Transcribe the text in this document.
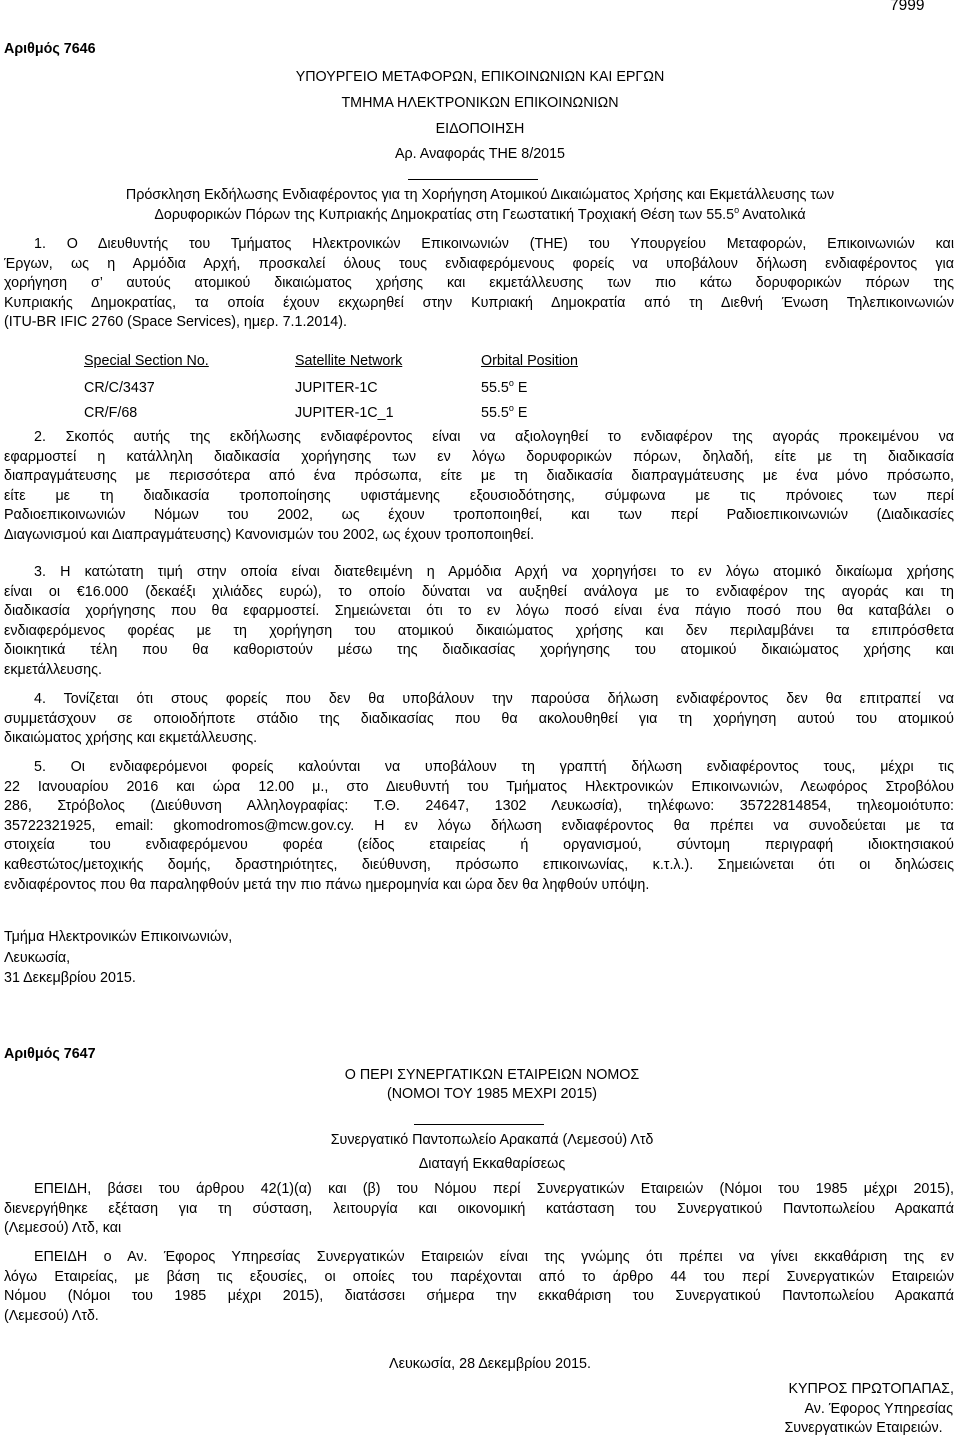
7999
Αριθμός 7646
ΥΠΟΥΡΓΕΙΟ ΜΕΤΑΦΟΡΩΝ, ΕΠΙΚΟΙΝΩΝΙΩΝ ΚΑΙ ΕΡΓΩΝ
ΤΜΗΜΑ ΗΛΕΚΤΡΟΝΙΚΩΝ ΕΠΙΚΟΙΝΩΝΙΩΝ
ΕΙΔΟΠΟΙΗΣΗ
Αρ. Αναφοράς ΤΗΕ 8/2015
Πρόσκληση Εκδήλωσης Ενδιαφέροντος για τη Χορήγηση Ατομικού Δικαιώματος Χρήσης και Εκμετάλλευσης των
Δορυφορικών Πόρων της Κυπριακής Δημοκρατίας στη Γεωστατική Τροχιακή Θέση των $55.5^o$ Ανατολικά
1. Ο Διευθυντής του Τμήματος Ηλεκτρονικών Επικοινωνιών (ΤΗΕ) του Υπουργείου Μεταφορών, Επικοινωνιών και
Έργων, ως η Αρμόδια Αρχή, προσκαλεί όλους τους ενδιαφερόμενους φορείς να υποβάλουν δήλωση ενδιαφέροντος για
χορήγηση σ’ αυτούς ατομικού δικαιώματος χρήσης και εκμετάλλευσης των πιο κάτω δορυφορικών πόρων της
Κυπριακής Δημοκρατίας, τα οποία έχουν εκχωρηθεί στην Κυπριακή Δημοκρατία από τη Διεθνή Ένωση Τηλεπικοινωνιών
(ITU-BR IFIC 2760 (Space Services), ημερ. 7.1.2014).
Special Section No.	Satellite Network	Orbital Position
CR/C/3437	JUPITER-1C	$55.5^o$ E
CR/F/68	JUPITER-1C_1	$55.5^o$ E
2. Σκοπός αυτής της εκδήλωσης ενδιαφέροντος είναι να αξιολογηθεί το ενδιαφέρον της αγοράς προκειμένου να
εφαρμοστεί η κατάλληλη διαδικασία χορήγησης των εν λόγω δορυφορικών πόρων, δηλαδή, είτε με τη διαδικασία
διαπραγμάτευσης με περισσότερα από ένα πρόσωπα, είτε με τη διαδικασία διαπραγμάτευσης με ένα μόνο πρόσωπο,
είτε με τη διαδικασία τροποποίησης υφιστάμενης εξουσιοδότησης, σύμφωνα με τις πρόνοιες των περί
Ραδιοεπικοινωνιών Νόμων του 2002, ως έχουν τροποποιηθεί, και των περί Ραδιοεπικοινωνιών (Διαδικασίες
Διαγωνισμού και Διαπραγμάτευσης) Κανονισμών του 2002, ως έχουν τροποποιηθεί.
3. Η κατώτατη τιμή στην οποία είναι διατεθειμένη η Αρμόδια Αρχή να χορηγήσει το εν λόγω ατομικό δικαίωμα χρήσης
είναι οι €16.000 (δεκαέξι χιλιάδες ευρώ), το οποίο δύναται να αυξηθεί ανάλογα με το ενδιαφέρον της αγοράς και τη
διαδικασία χορήγησης που θα εφαρμοστεί. Σημειώνεται ότι το εν λόγω ποσό είναι ένα πάγιο ποσό που θα καταβάλει ο
ενδιαφερόμενος φορέας με τη χορήγηση του ατομικού δικαιώματος χρήσης και δεν περιλαμβάνει τα επιπρόσθετα
διοικητικά τέλη που θα καθοριστούν μέσω της διαδικασίας χορήγησης του ατομικού δικαιώματος χρήσης και
εκμετάλλευσης.
4. Τονίζεται ότι στους φορείς που δεν θα υποβάλουν την παρούσα δήλωση ενδιαφέροντος δεν θα επιτραπεί να
συμμετάσχουν σε οποιοδήποτε στάδιο της διαδικασίας που θα ακολουθηθεί για τη χορήγηση αυτού του ατομικού
δικαιώματος χρήσης και εκμετάλλευσης.
5. Οι ενδιαφερόμενοι φορείς καλούνται να υποβάλουν τη γραπτή δήλωση ενδιαφέροντος τους, μέχρι τις
22 Ιανουαρίου 2016 και ώρα 12.00 μ., στο Διευθυντή του Τμήματος Ηλεκτρονικών Επικοινωνιών, Λεωφόρος Στροβόλου
286, Στρόβολος (Διεύθυνση Αλληλογραφίας: Τ.Θ. 24647, 1302 Λευκωσία), τηλέφωνο: 35722814854, τηλεομοιότυπο:
35722321925, email: gkomodromos@mcw.gov.cy. Η εν λόγω δήλωση ενδιαφέροντος θα πρέπει να συνοδεύεται με τα
στοιχεία του ενδιαφερόμενου φορέα (είδος εταιρείας ή οργανισμού, σύντομη περιγραφή ιδιοκτησιακού
καθεστώτος/μετοχικής δομής, δραστηριότητες, διεύθυνση, πρόσωπο επικοινωνίας, κ.τ.λ.). Σημειώνεται ότι οι δηλώσεις
ενδιαφέροντος που θα παραληφθούν μετά την πιο πάνω ημερομηνία και ώρα δεν θα ληφθούν υπόψη.
Τμήμα Ηλεκτρονικών Επικοινωνιών,
Λευκωσία,
31 Δεκεμβρίου 2015.
Αριθμός 7647
Ο ΠΕΡΙ ΣΥΝΕΡΓΑΤΙΚΩΝ ΕΤΑΙΡΕΙΩΝ ΝΟΜΟΣ
(ΝΟΜΟΙ ΤΟΥ 1985 ΜΕΧΡΙ 2015)
Συνεργατικό Παντοπωλείο Αρακαπά (Λεμεσού) Λτδ
Διαταγή Εκκαθαρίσεως
ΕΠΕΙΔΗ, βάσει του άρθρου 42(1)(α) και (β) του Νόμου περί Συνεργατικών Εταιρειών (Νόμοι του 1985 μέχρι 2015),
διενεργήθηκε εξέταση για τη σύσταση, λειτουργία και οικονομική κατάσταση του Συνεργατικού Παντοπωλείου Αρακαπά
(Λεμεσού) Λτδ, και
ΕΠΕΙΔΗ ο Αν. Έφορος Υπηρεσίας Συνεργατικών Εταιρειών είναι της γνώμης ότι πρέπει να γίνει εκκαθάριση της εν
λόγω Εταιρείας, με βάση τις εξουσίες, οι οποίες του παρέχονται από το άρθρο 44 του περί Συνεργατικών Εταιρειών
Νόμου (Νόμοι του 1985 μέχρι 2015), διατάσσει σήμερα την εκκαθάριση του Συνεργατικού Παντοπωλείου Αρακαπά
(Λεμεσού) Λτδ.
Λευκωσία, 28 Δεκεμβρίου 2015.
ΚΥΠΡΟΣ ΠΡΩΤΟΠΑΠΑΣ,
Αν. Έφορος Υπηρεσίας
Συνεργατικών Εταιρειών.
